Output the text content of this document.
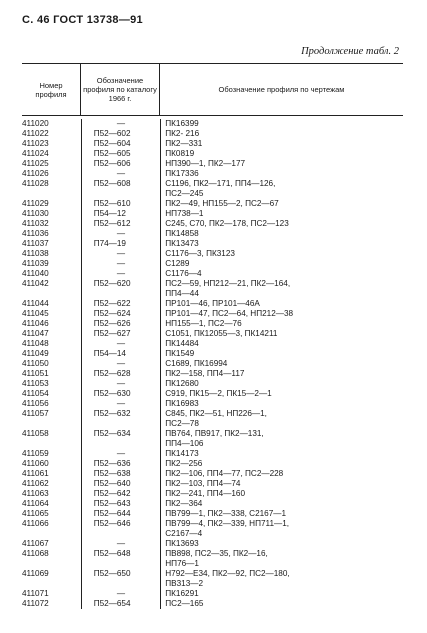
С. 46 ГОСТ 13738—91
Продолжение табл. 2
Номер профиля
Обозначение профиля по каталогу 1966 г.
Обозначение профиля по чертежам
411020
411022
411023
411024
411025
411026
411028
411029
411030
411032
411036
411037
411038
411039
411040
411042
411044
411045
411046
411047
411048
411049
411050
411051
411053
411054
411056
411057
411058
411059
411060
411061
411062
411063
411064
411065
411066
411067
411068
411069
411071
411072
—
П52—602
П52—604
П52—605
П52—606
—
П52—608
П52—610
П54—12
П52—612
—
П74—19
—
—
—
П52—620
П52—622
П52—624
П52—626
П52—627
—
П54—14
—
П52—628
—
П52—630
—
П52—632
П52—634
—
П52—636
П52—638
П52—640
П52—642
П52—643
П52—644
П52—646
—
П52—648
П52—650
—
П52—654
ПК16399
ПК2- 216
ПК2—331
ПК0819
НП390—1, ПК2—177
ПК17336
С1196, ПК2—171, ПП4—126,
ПС2—245
ПК2—49, НП155—2, ПС2—67
НП738—1
С245, С70, ПК2—178, ПС2—123
ПК14858
ПК13473
С1176—3, ПК3123
С1289
С1176—4
ПС2—59, НП212—21, ПК2—164,
ПП4—44
ПР101—46, ПР101—46А
ПР101—47, ПС2—64, НП212—38
НП155—1, ПС2—76
С1051, ПК12055—3, ПК14211
ПК14484
ПК1549
С1689, ПК16994
ПК2—158, ПП4—117
ПК12680
С919, ПК15—2, ПК15—2—1
ПК16983
С845, ПК2—51, НП226—1,
ПС2—78
ПВ764, ПВ917, ПК2—131,
ПП4—106
ПК14173
ПК2—256
ПК2—106, ПП4—77, ПС2—228
ПК2—103, ПП4—74
ПК2—241, ПП4—160
ПК2—364
ПВ799—1, ПК2—338, С2167—1
ПВ799—4, ПК2—339, НП711—1,
С2167—4
ПК13693
ПВ898, ПС2—35, ПК2—16,
НП76—1
Н792—Е34, ПК2—92, ПС2—180,
ПВ313—2
ПК16291
ПС2—165
